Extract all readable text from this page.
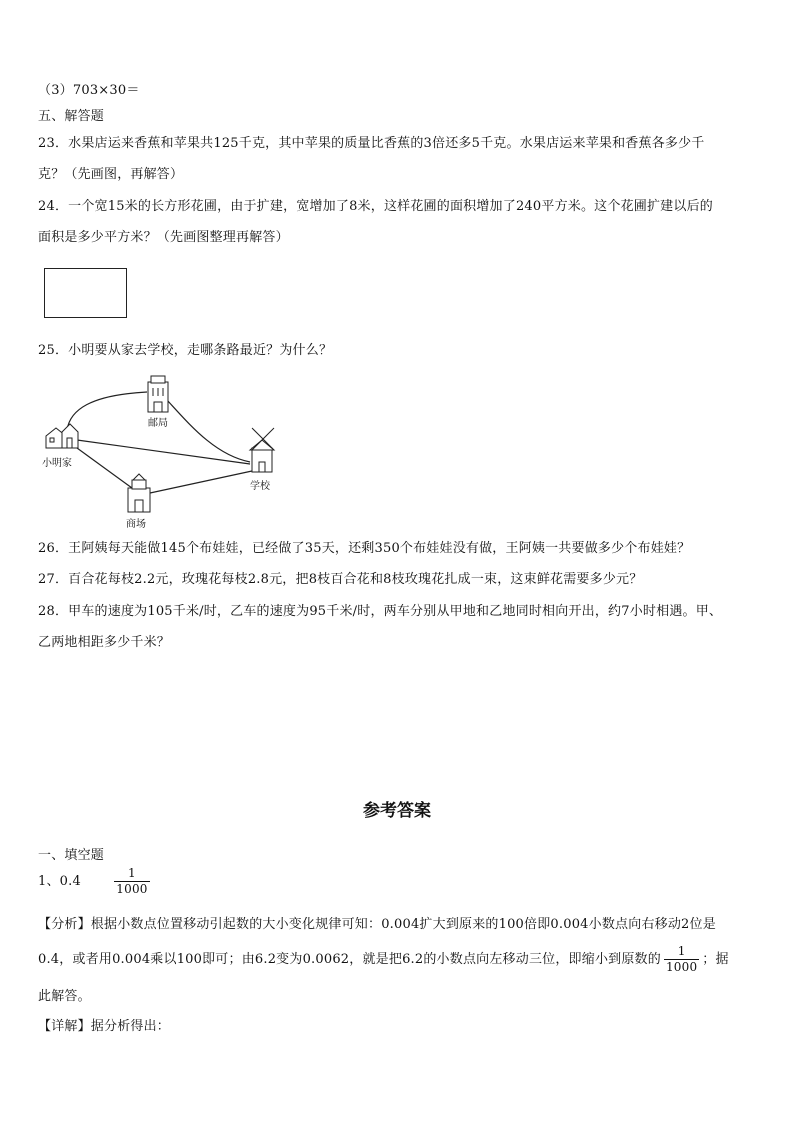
（3）703×30＝
五、解答题
23．水果店运来香蕉和苹果共125千克，其中苹果的质量比香蕉的3倍还多5千克。水果店运来苹果和香蕉各多少千
克？（先画图，再解答）
24．一个宽15米的长方形花圃，由于扩建，宽增加了8米，这样花圃的面积增加了240平方米。这个花圃扩建以后的
面积是多少平方米？（先画图整理再解答）
25．小明要从家去学校，走哪条路最近？为什么？
邮局
小明家
学校
商场
26．王阿姨每天能做145个布娃娃，已经做了35天，还剩350个布娃娃没有做，王阿姨一共要做多少个布娃娃？
27．百合花每枝2.2元，玫瑰花每枝2.8元，把8枝百合花和8枝玫瑰花扎成一束，这束鲜花需要多少元？
28．甲车的速度为105千米/时，乙车的速度为95千米/时，两车分别从甲地和乙地同时相向开出，约7小时相遇。甲、
乙两地相距多少千米？
参考答案
一、填空题
1、0.4	$\frac{1}{1000}$
【分析】根据小数点位置移动引起数的大小变化规律可知：0.004扩大到原来的100倍即0.004小数点向右移动2位是
0.4，或者用0.004乘以100即可；由6.2变为0.0062，就是把6.2的小数点向左移动三位，即缩小到原数的 $\frac{1}{1000}$ ；据
此解答。
【详解】据分析得出：
